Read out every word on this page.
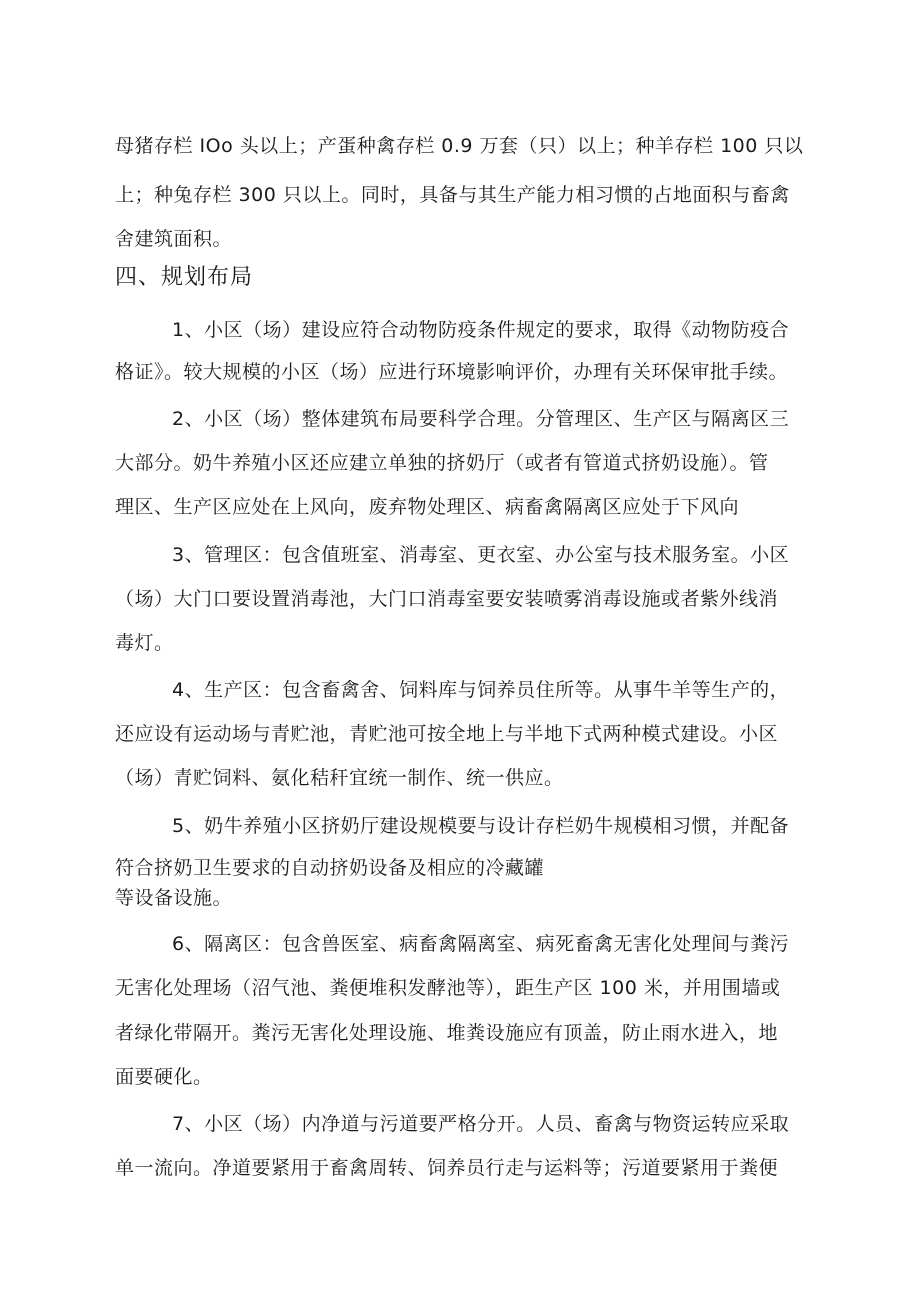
母猪存栏 IOo 头以上；产蛋种禽存栏 0.9 万套（只）以上；种羊存栏 100 只以
上；种兔存栏 300 只以上。同时，具备与其生产能力相习惯的占地面积与畜禽
舍建筑面积。
四、规划布局
1、小区（场）建设应符合动物防疫条件规定的要求，取得《动物防疫合
格证》。较大规模的小区（场）应进行环境影响评价，办理有关环保审批手续。
2、小区（场）整体建筑布局要科学合理。分管理区、生产区与隔离区三
大部分。奶牛养殖小区还应建立单独的挤奶厅（或者有管道式挤奶设施）。管
理区、生产区应处在上风向，废弃物处理区、病畜禽隔离区应处于下风向
3、管理区：包含值班室、消毒室、更衣室、办公室与技术服务室。小区
（场）大门口要设置消毒池，大门口消毒室要安装喷雾消毒设施或者紫外线消
毒灯。
4、生产区：包含畜禽舍、饲料库与饲养员住所等。从事牛羊等生产的，
还应设有运动场与青贮池，青贮池可按全地上与半地下式两种模式建设。小区
（场）青贮饲料、氨化秸秆宜统一制作、统一供应。
5、奶牛养殖小区挤奶厅建设规模要与设计存栏奶牛规模相习惯，并配备
符合挤奶卫生要求的自动挤奶设备及相应的冷藏罐
等设备设施。
6、隔离区：包含兽医室、病畜禽隔离室、病死畜禽无害化处理间与粪污
无害化处理场（沼气池、粪便堆积发酵池等），距生产区 100 米，并用围墙或
者绿化带隔开。粪污无害化处理设施、堆粪设施应有顶盖，防止雨水进入，地
面要硬化。
7、小区（场）内净道与污道要严格分开。人员、畜禽与物资运转应采取
单一流向。净道要紧用于畜禽周转、饲养员行走与运料等；污道要紧用于粪便
